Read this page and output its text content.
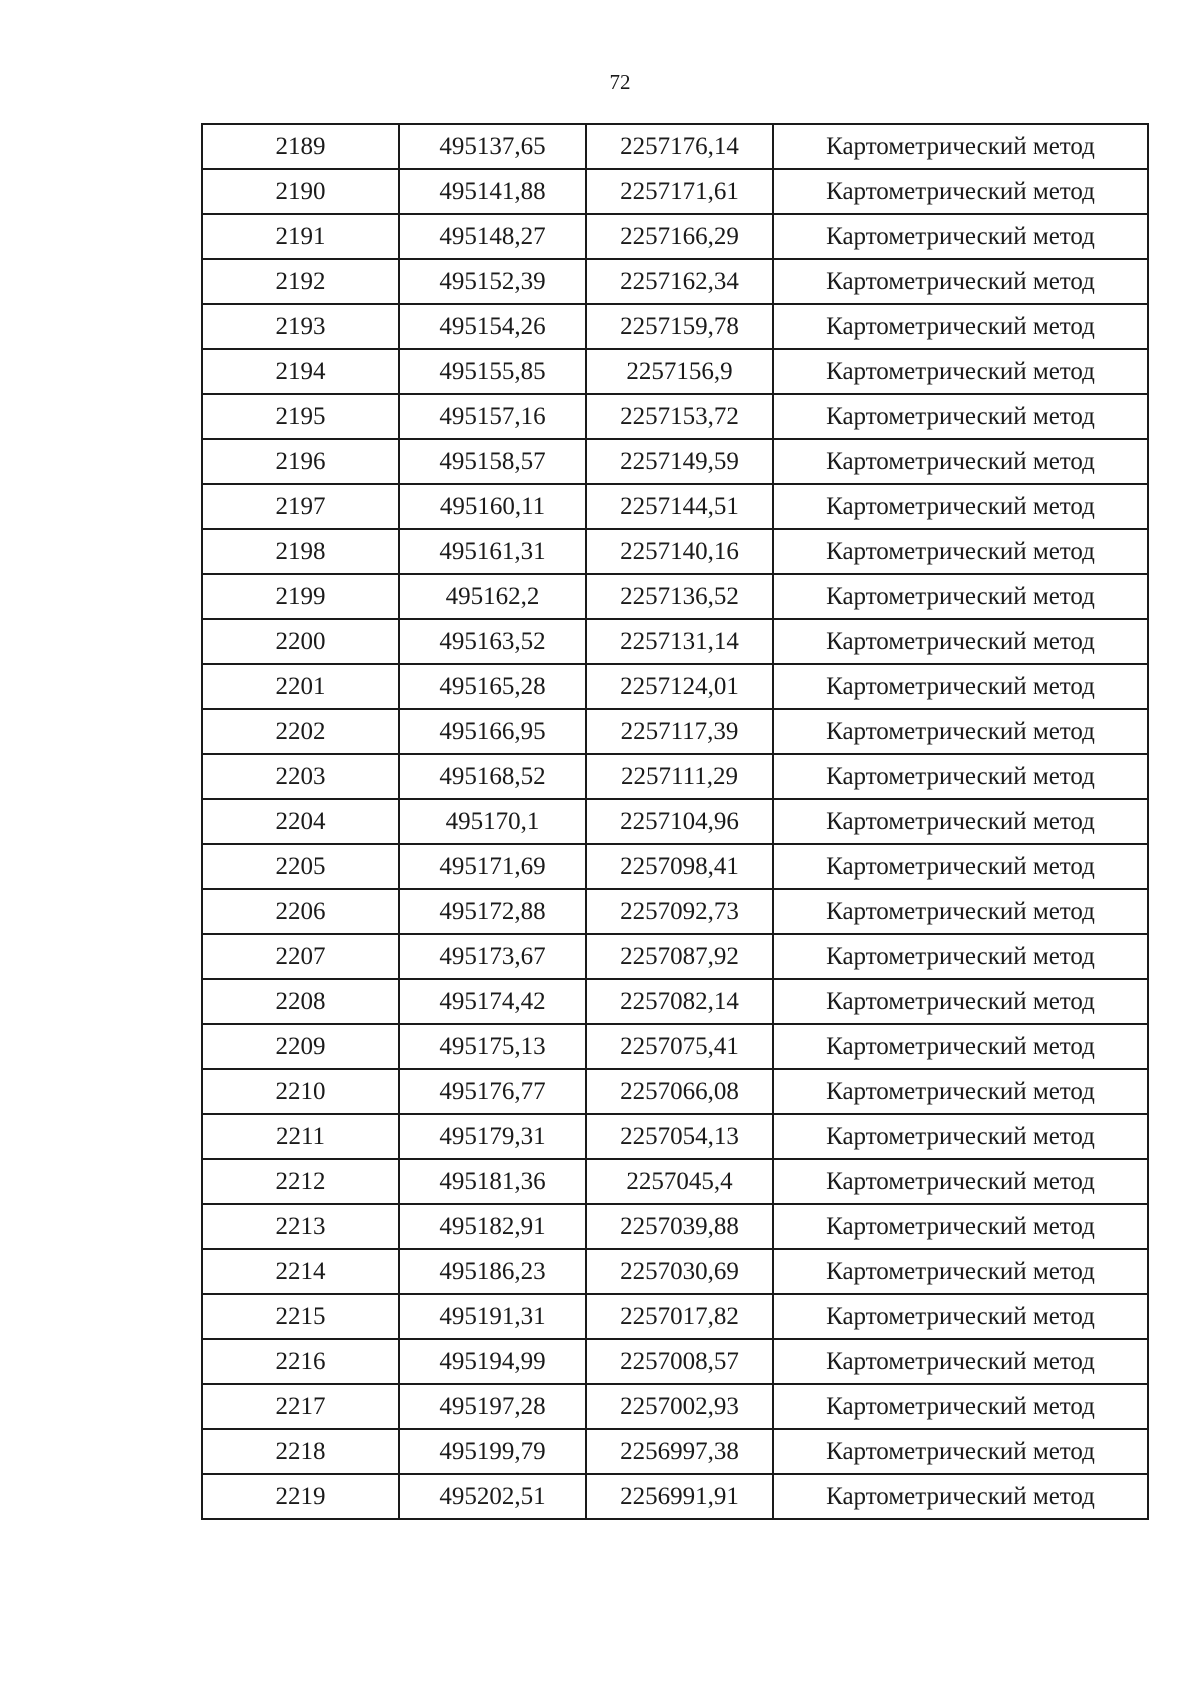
72
2189	495137,65	2257176,14	Картометрический метод
2190	495141,88	2257171,61	Картометрический метод
2191	495148,27	2257166,29	Картометрический метод
2192	495152,39	2257162,34	Картометрический метод
2193	495154,26	2257159,78	Картометрический метод
2194	495155,85	2257156,9	Картометрический метод
2195	495157,16	2257153,72	Картометрический метод
2196	495158,57	2257149,59	Картометрический метод
2197	495160,11	2257144,51	Картометрический метод
2198	495161,31	2257140,16	Картометрический метод
2199	495162,2	2257136,52	Картометрический метод
2200	495163,52	2257131,14	Картометрический метод
2201	495165,28	2257124,01	Картометрический метод
2202	495166,95	2257117,39	Картометрический метод
2203	495168,52	2257111,29	Картометрический метод
2204	495170,1	2257104,96	Картометрический метод
2205	495171,69	2257098,41	Картометрический метод
2206	495172,88	2257092,73	Картометрический метод
2207	495173,67	2257087,92	Картометрический метод
2208	495174,42	2257082,14	Картометрический метод
2209	495175,13	2257075,41	Картометрический метод
2210	495176,77	2257066,08	Картометрический метод
2211	495179,31	2257054,13	Картометрический метод
2212	495181,36	2257045,4	Картометрический метод
2213	495182,91	2257039,88	Картометрический метод
2214	495186,23	2257030,69	Картометрический метод
2215	495191,31	2257017,82	Картометрический метод
2216	495194,99	2257008,57	Картометрический метод
2217	495197,28	2257002,93	Картометрический метод
2218	495199,79	2256997,38	Картометрический метод
2219	495202,51	2256991,91	Картометрический метод
